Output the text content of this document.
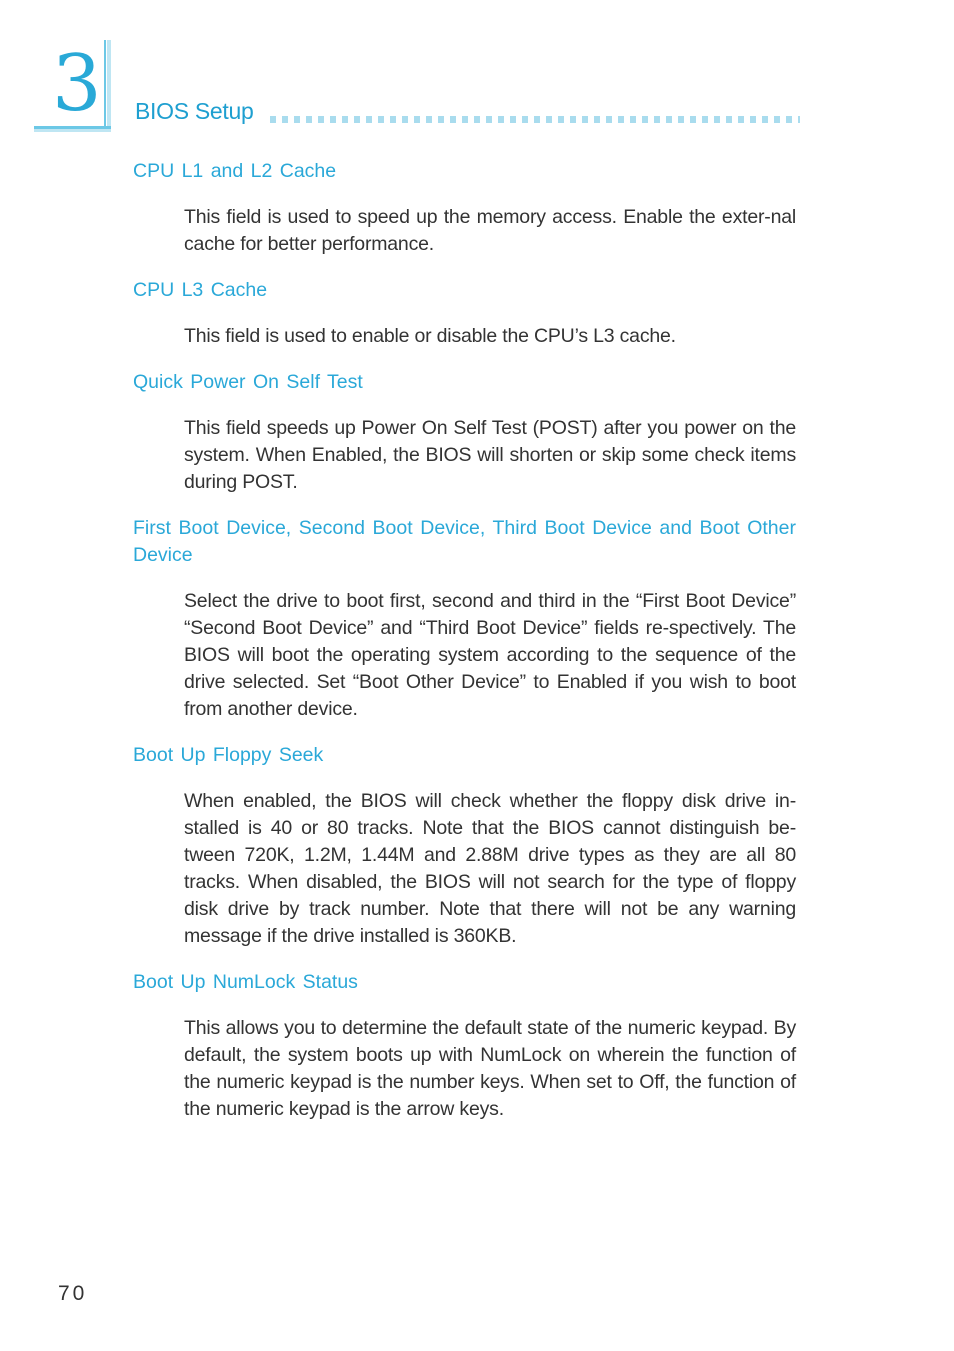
3 BIOS Setup
CPU L1 and L2 Cache
This field is used to speed up the memory access. Enable the exter-nal cache for better performance.
CPU L3 Cache
This field is used to enable or disable the CPU’s L3 cache.
Quick Power On Self Test
This field speeds up Power On Self Test (POST) after you power on the system. When Enabled, the BIOS will shorten or skip some check items during POST.
First Boot Device, Second Boot Device, Third Boot Device and Boot Other Device
Select the drive to boot first, second and third in the “First Boot Device” “Second Boot Device” and “Third Boot Device” fields re-spectively. The BIOS will boot the operating system according to the sequence of the drive selected. Set “Boot Other Device” to Enabled if you wish to boot from another device.
Boot Up Floppy Seek
When enabled, the BIOS will check whether the floppy disk drive in-stalled is 40 or 80 tracks. Note that the BIOS cannot distinguish be-tween 720K, 1.2M, 1.44M and 2.88M drive types as they are all 80 tracks. When disabled, the BIOS will not search for the type of floppy disk drive by track number. Note that there will not be any warning message if the drive installed is 360KB.
Boot Up NumLock Status
This allows you to determine the default state of the numeric keypad. By default, the system boots up with NumLock on wherein the function of the numeric keypad is the number keys. When set to Off, the function of the numeric keypad is the arrow keys.
70
